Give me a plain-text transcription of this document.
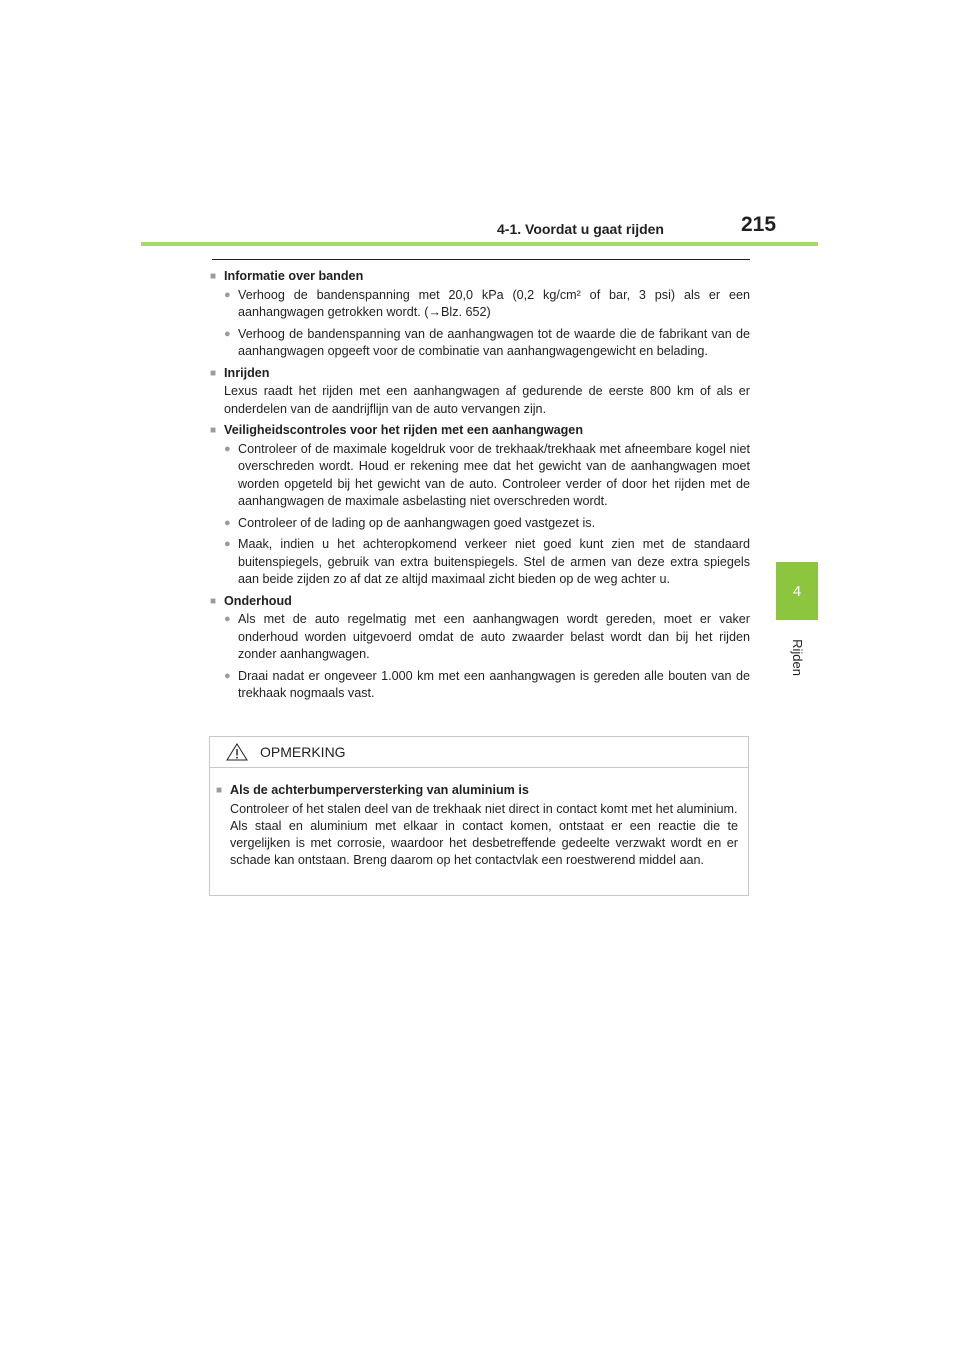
4-1. Voordat u gaat rijden	215
4
Rijden
■ Informatie over banden
● Verhoog de bandenspanning met 20,0 kPa (0,2 kg/cm² of bar, 3 psi) als er een aanhangwagen getrokken wordt. (→Blz. 652)
● Verhoog de bandenspanning van de aanhangwagen tot de waarde die de fabrikant van de aanhangwagen opgeeft voor de combinatie van aanhangwagengewicht en belading.
■ Inrijden
Lexus raadt het rijden met een aanhangwagen af gedurende de eerste 800 km of als er onderdelen van de aandrijflijn van de auto vervangen zijn.
■ Veiligheidscontroles voor het rijden met een aanhangwagen
● Controleer of de maximale kogeldruk voor de trekhaak/trekhaak met afneembare kogel niet overschreden wordt. Houd er rekening mee dat het gewicht van de aanhangwagen moet worden opgeteld bij het gewicht van de auto. Controleer verder of door het rijden met de aanhangwagen de maximale asbelasting niet overschreden wordt.
● Controleer of de lading op de aanhangwagen goed vastgezet is.
● Maak, indien u het achteropkomend verkeer niet goed kunt zien met de standaard buitenspiegels, gebruik van extra buitenspiegels. Stel de armen van deze extra spiegels aan beide zijden zo af dat ze altijd maximaal zicht bieden op de weg achter u.
■ Onderhoud
● Als met de auto regelmatig met een aanhangwagen wordt gereden, moet er vaker onderhoud worden uitgevoerd omdat de auto zwaarder belast wordt dan bij het rijden zonder aanhangwagen.
● Draai nadat er ongeveer 1.000 km met een aanhangwagen is gereden alle bouten van de trekhaak nogmaals vast.
OPMERKING
■ Als de achterbumperversterking van aluminium is
Controleer of het stalen deel van de trekhaak niet direct in contact komt met het aluminium.
Als staal en aluminium met elkaar in contact komen, ontstaat er een reactie die te vergelijken is met corrosie, waardoor het desbetreffende gedeelte verzwakt wordt en er schade kan ontstaan. Breng daarom op het contactvlak een roestwerend middel aan.
